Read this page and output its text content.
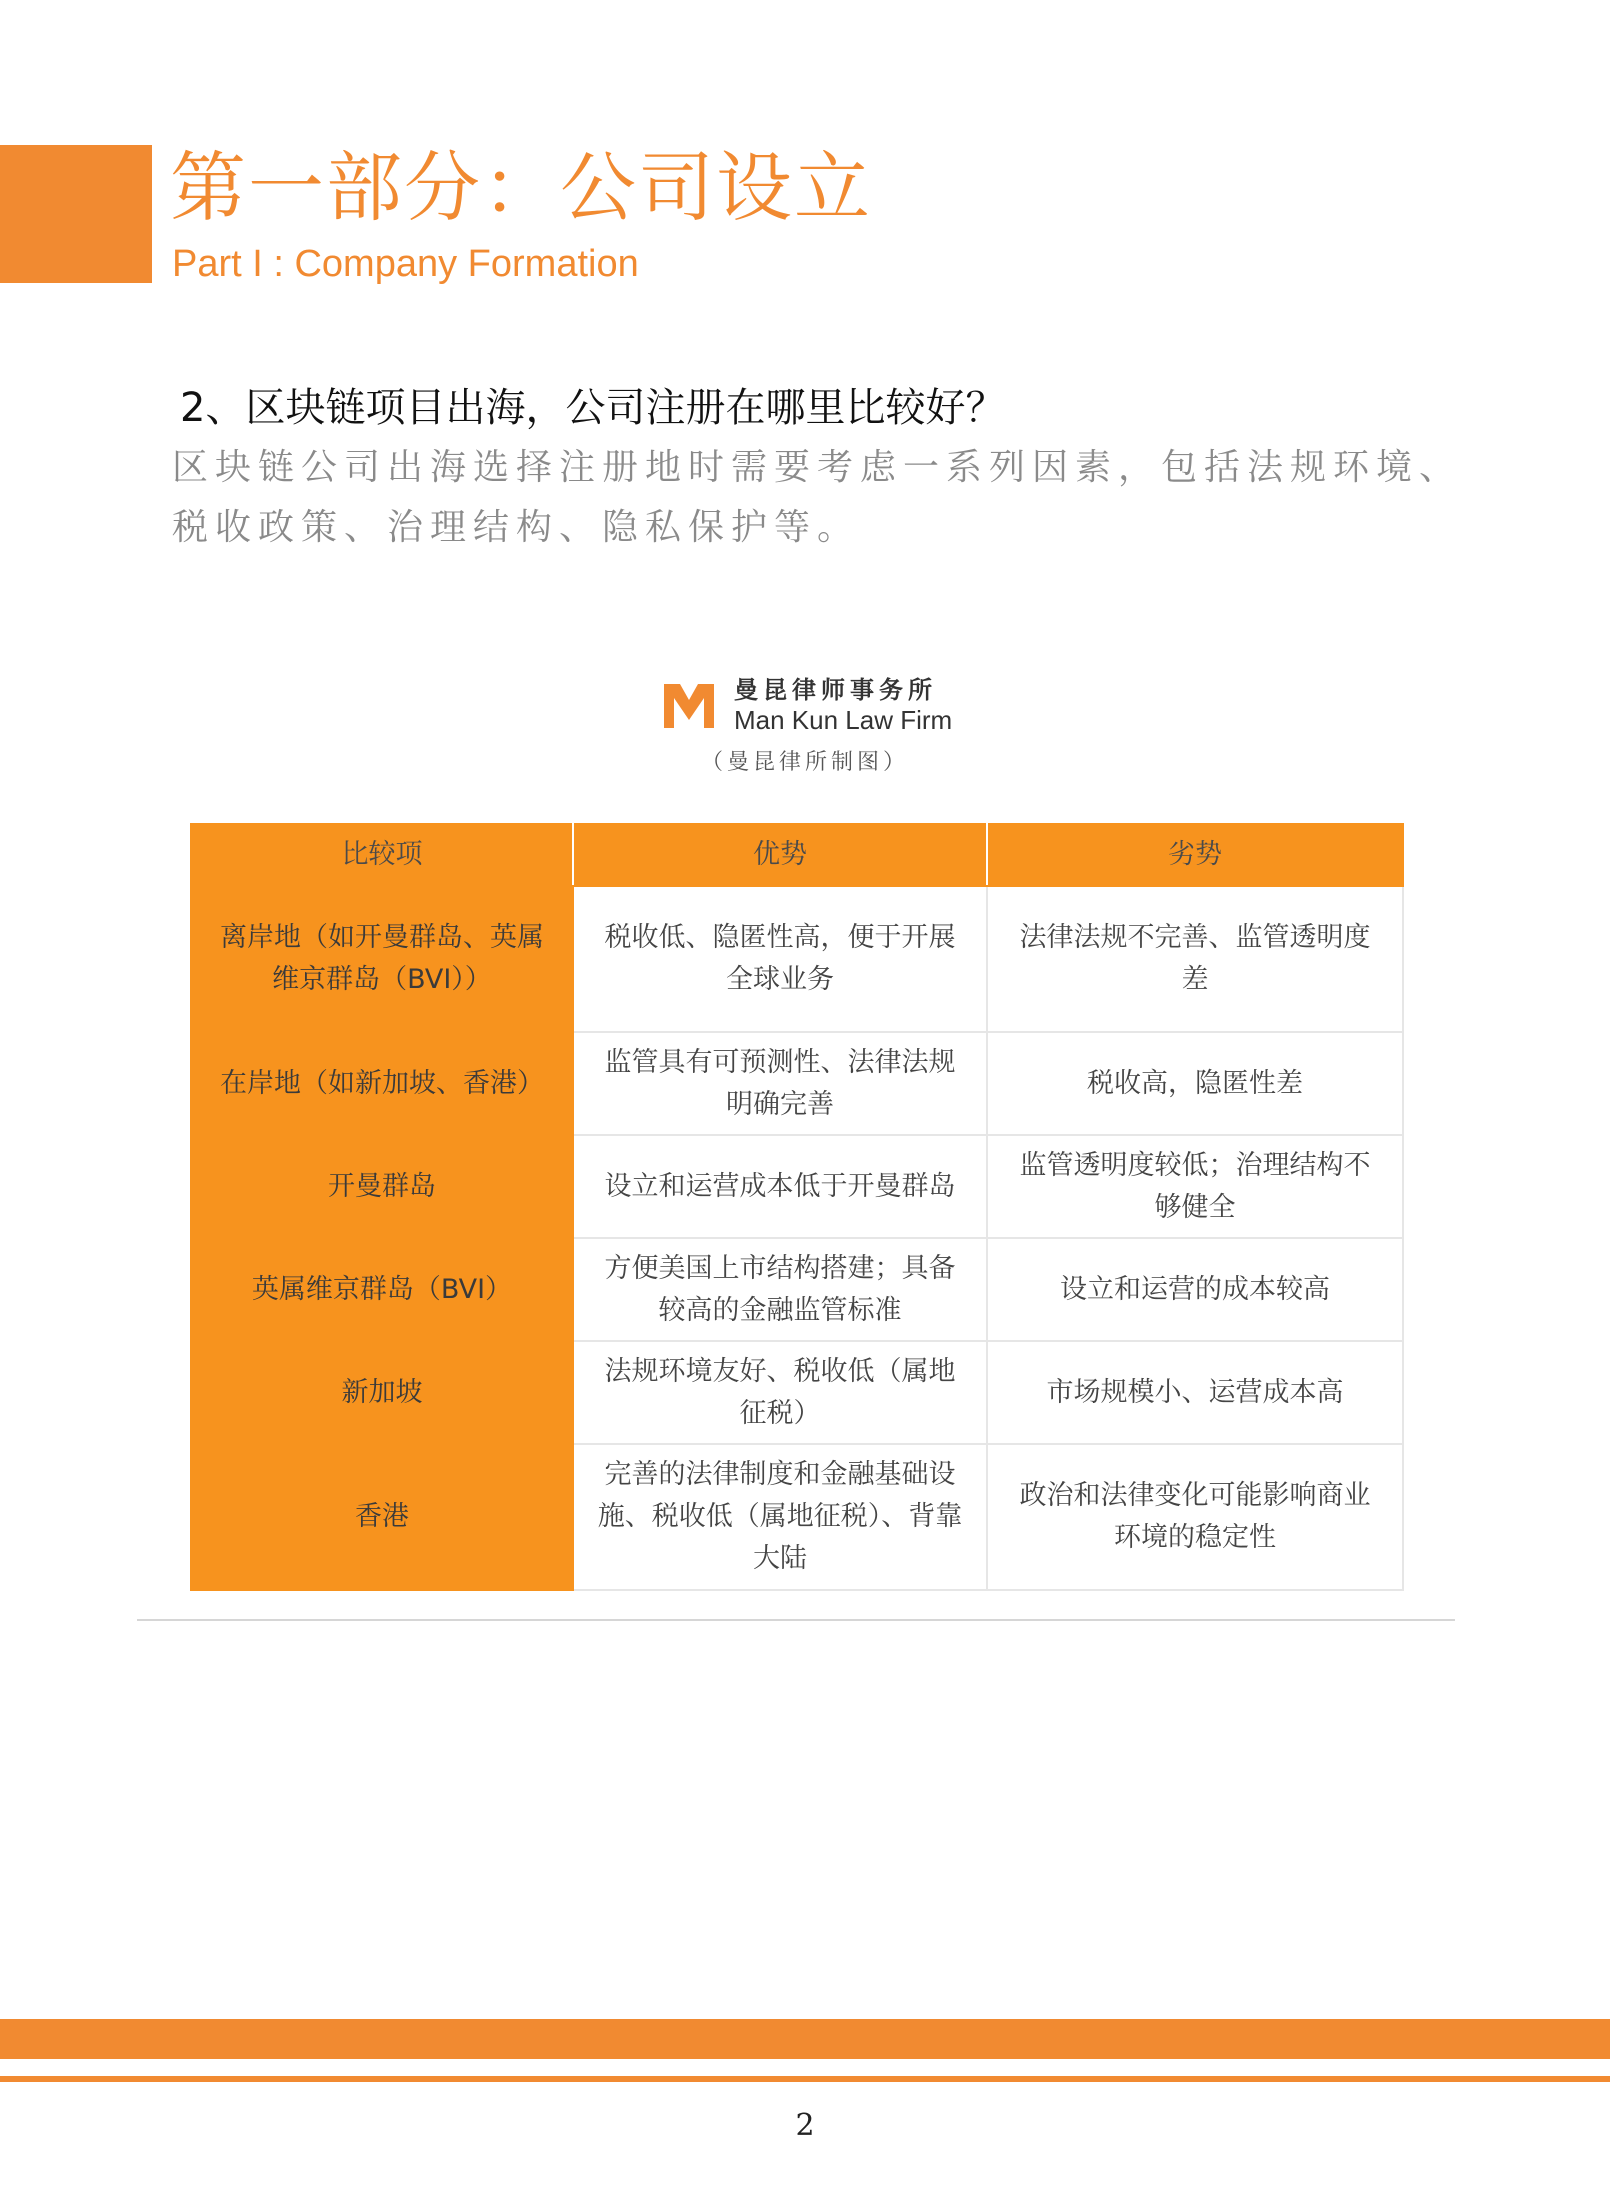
第一部分：公司设立
Part I : Company Formation
2、区块链项目出海，公司注册在哪里比较好？
区块链公司出海选择注册地时需要考虑一系列因素，包括法规环境、税收政策、治理结构、隐私保护等。
曼昆律师事务所
Man Kun Law Firm
（曼昆律所制图）
比较项	优势	劣势
离岸地（如开曼群岛、英属维京群岛（BVI））	税收低、隐匿性高，便于开展全球业务	法律法规不完善、监管透明度差
在岸地（如新加坡、香港）	监管具有可预测性、法律法规明确完善	税收高，隐匿性差
开曼群岛	设立和运营成本低于开曼群岛	监管透明度较低；治理结构不够健全
英属维京群岛（BVI）	方便美国上市结构搭建；具备较高的金融监管标准	设立和运营的成本较高
新加坡	法规环境友好、税收低（属地征税）	市场规模小、运营成本高
香港	完善的法律制度和金融基础设施、税收低（属地征税）、背靠大陆	政治和法律变化可能影响商业环境的稳定性
2
